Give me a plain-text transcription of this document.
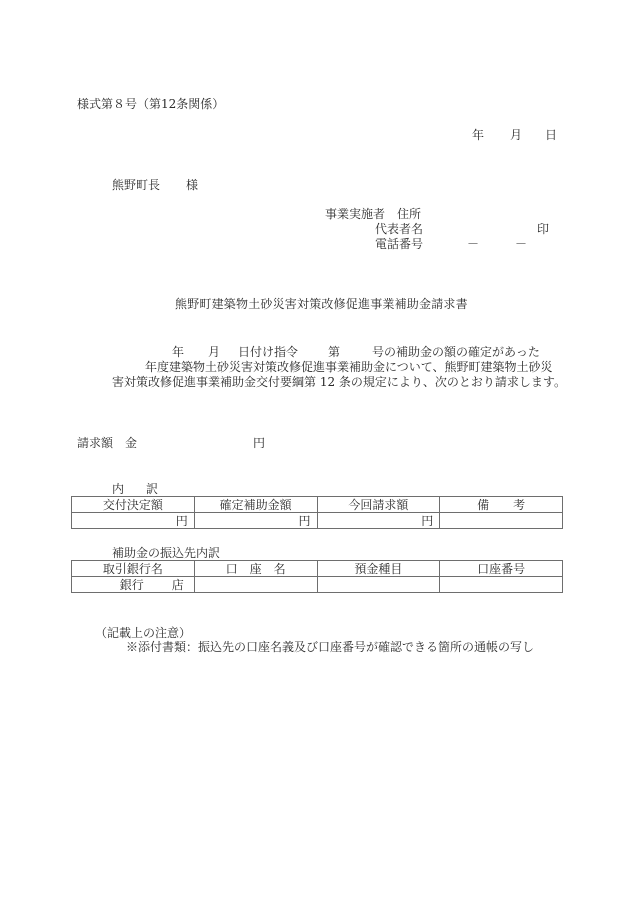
様式第８号（第12条関係）
年 月 日
熊野町長 様
事業実施者 住所
代表者名	印
電話番号	－	－
熊野町建築物土砂災害対策改修促進事業補助金請求書
年 月 日付け指令 第	号の補助金の額の確定があった
年度建築物土砂災害対策改修促進事業補助金について、熊野町建築物土砂災
害対策改修促進事業補助金交付要綱第 12 条の規定により、次のとおり請求します。
請求額 金	円
内 訳
交付決定額	確定補助金額	今回請求額	備　　考
円	円	円	
補助金の振込先内訳
取引銀行名	口　座　名	預金種目	口座番号
銀行 店			
（記載上の注意）
※添付書類：振込先の口座名義及び口座番号が確認できる箇所の通帳の写し
